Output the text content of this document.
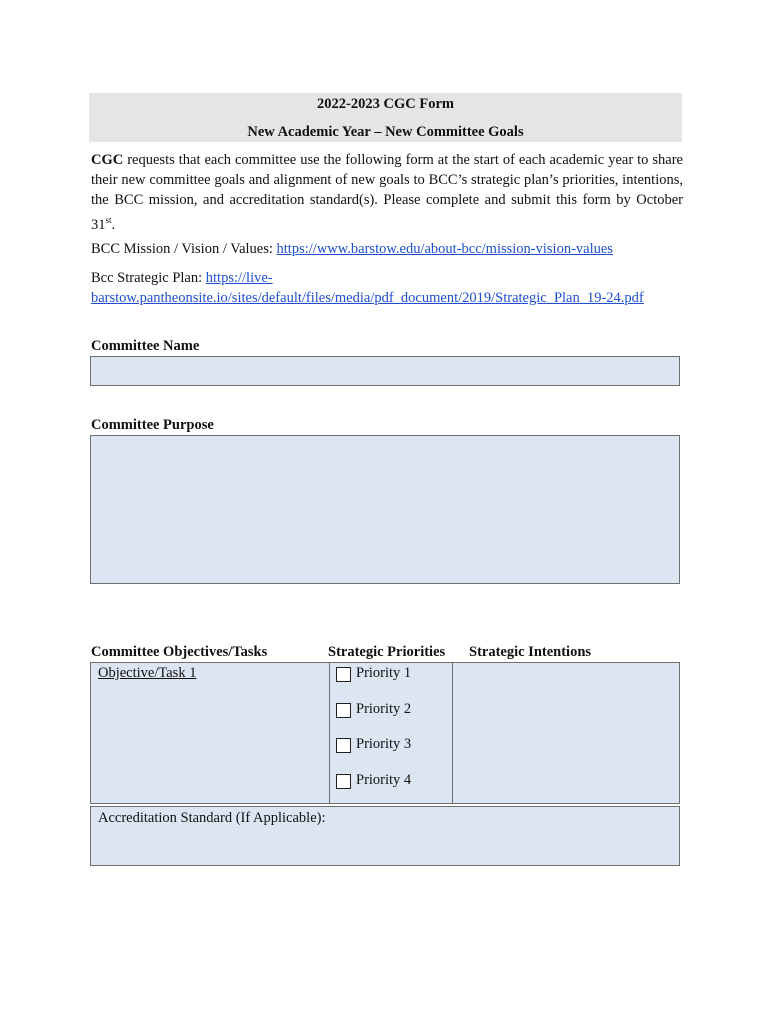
2022-2023 CGC Form
New Academic Year – New Committee Goals
CGC requests that each committee use the following form at the start of each academic year to share their new committee goals and alignment of new goals to BCC’s strategic plan’s priorities, intentions, the BCC mission, and accreditation standard(s). Please complete and submit this form by October 31st.
BCC Mission / Vision / Values: https://www.barstow.edu/about-bcc/mission-vision-values
Bcc Strategic Plan: https://live-
barstow.pantheonsite.io/sites/default/files/media/pdf_document/2019/Strategic_Plan_19-24.pdf
Committee Name
Committee Purpose
Committee Objectives/Tasks	Strategic Priorities Strategic Intentions
Objective/Task 1	Priority 1
Priority 2
Priority 3
Priority 4
Accreditation Standard (If Applicable):
